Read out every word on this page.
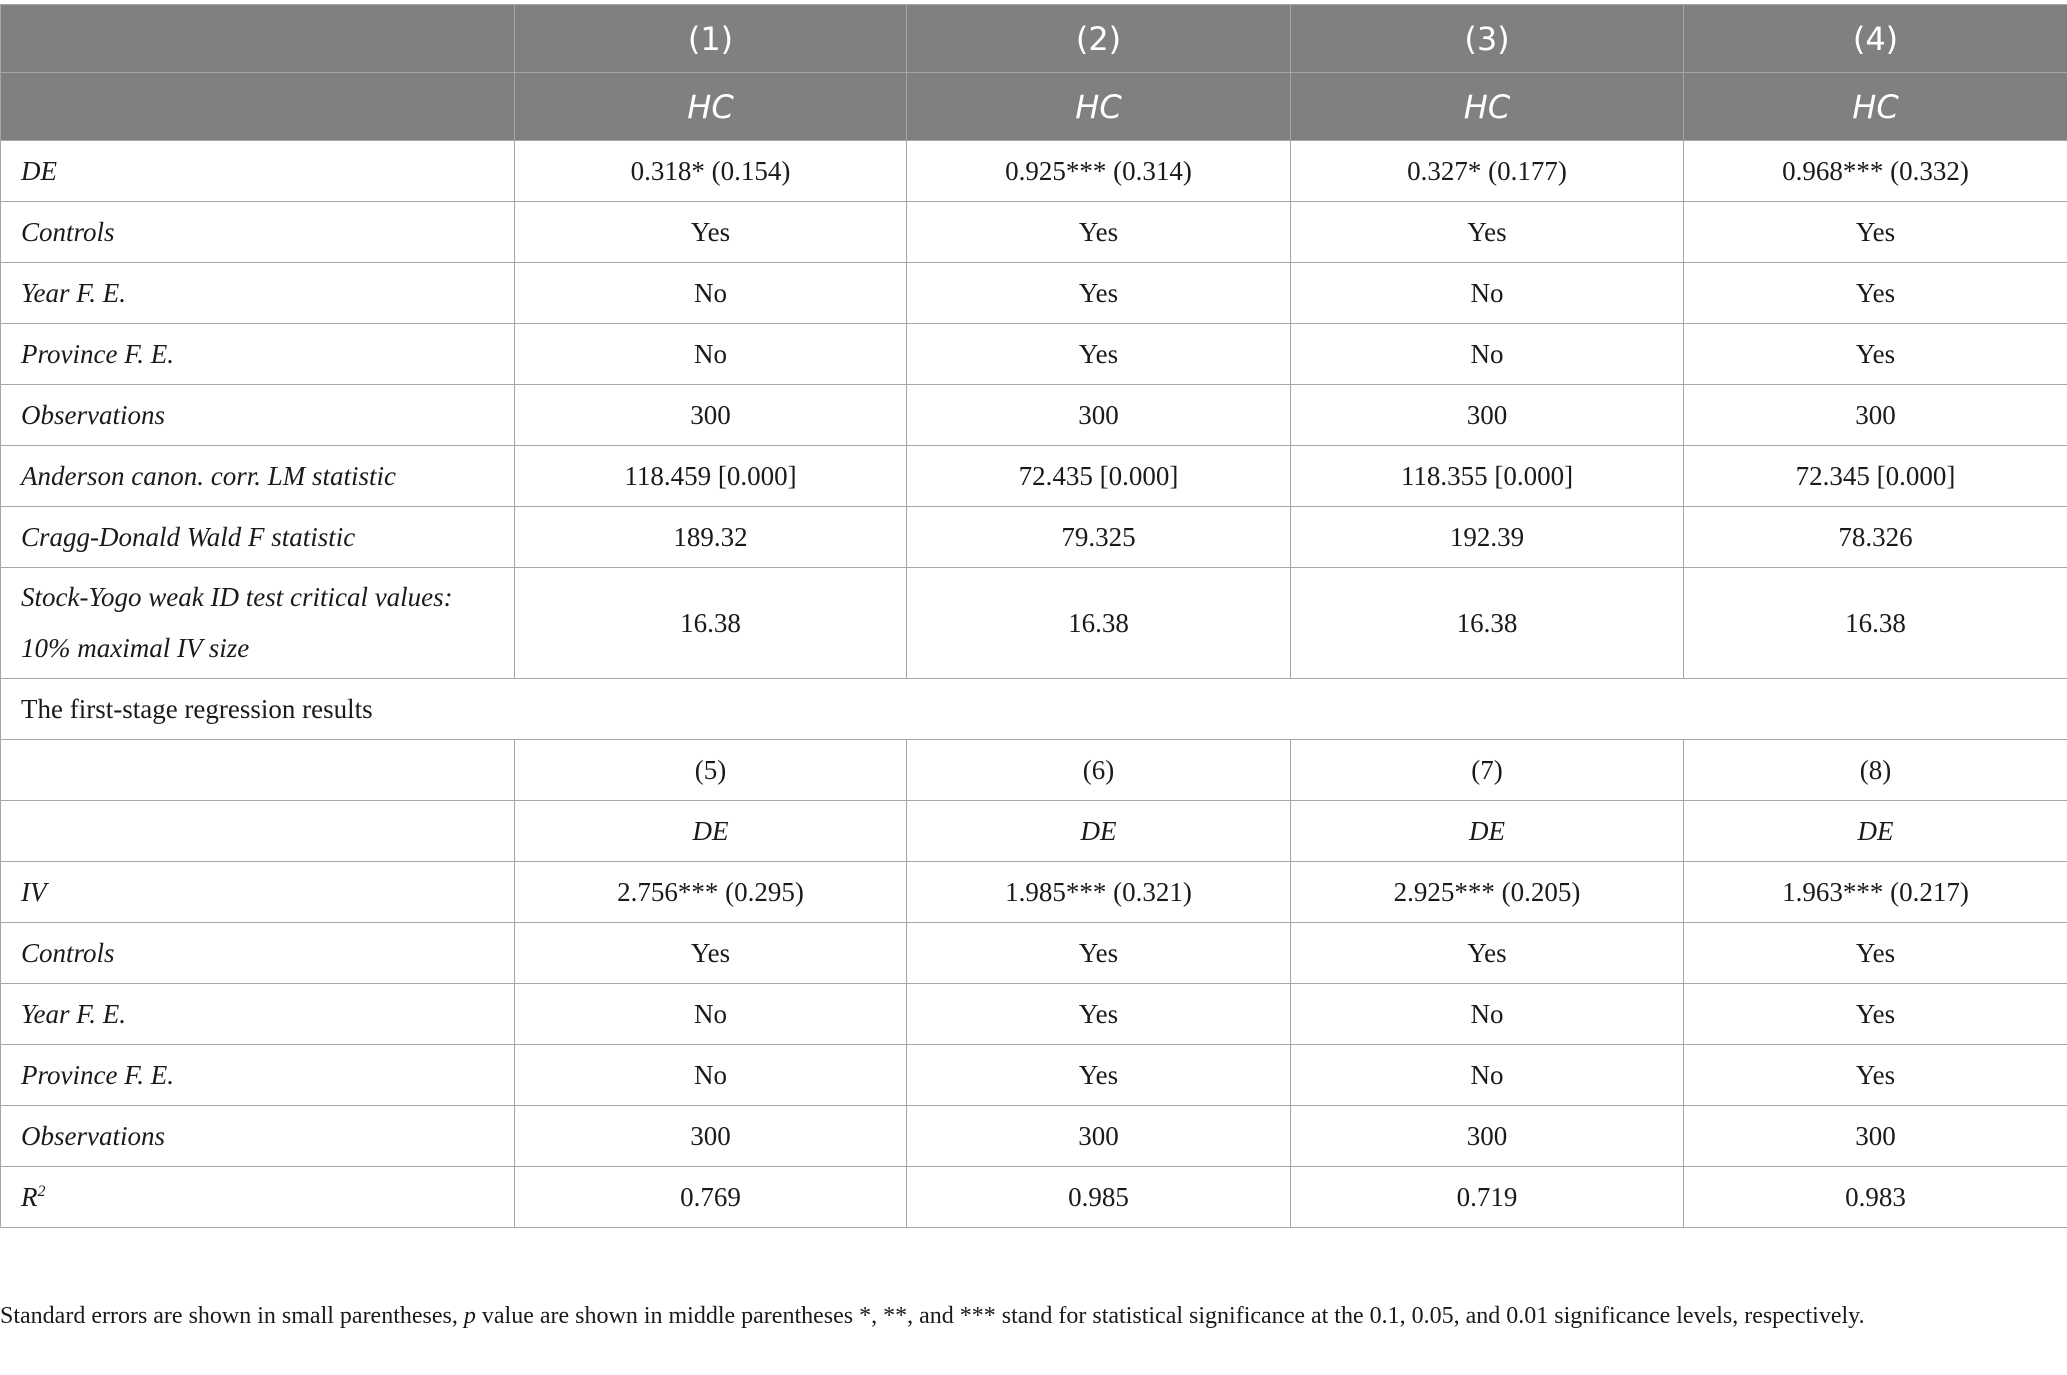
	(1)	(2)	(3)	(4)
	HC	HC	HC	HC
DE	0.318* (0.154)	0.925*** (0.314)	0.327* (0.177)	0.968*** (0.332)
Controls	Yes	Yes	Yes	Yes
Year F. E.	No	Yes	No	Yes
Province F. E.	No	Yes	No	Yes
Observations	300	300	300	300
Anderson canon. corr. LM statistic	118.459 [0.000]	72.435 [0.000]	118.355 [0.000]	72.345 [0.000]
Cragg-Donald Wald F statistic	189.32	79.325	192.39	78.326
Stock-Yogo weak ID test critical values:
10% maximal IV size	16.38	16.38	16.38	16.38
The first-stage regression results				
	(5)	(6)	(7)	(8)
	DE	DE	DE	DE
IV	2.756*** (0.295)	1.985*** (0.321)	2.925*** (0.205)	1.963*** (0.217)
Controls	Yes	Yes	Yes	Yes
Year F. E.	No	Yes	No	Yes
Province F. E.	No	Yes	No	Yes
Observations	300	300	300	300
$R^2$	0.769	0.985	0.719	0.983
Standard errors are shown in small parentheses, p value are shown in middle parentheses *, **, and *** stand for statistical significance at the 0.1, 0.05, and 0.01 significance levels, respectively.
